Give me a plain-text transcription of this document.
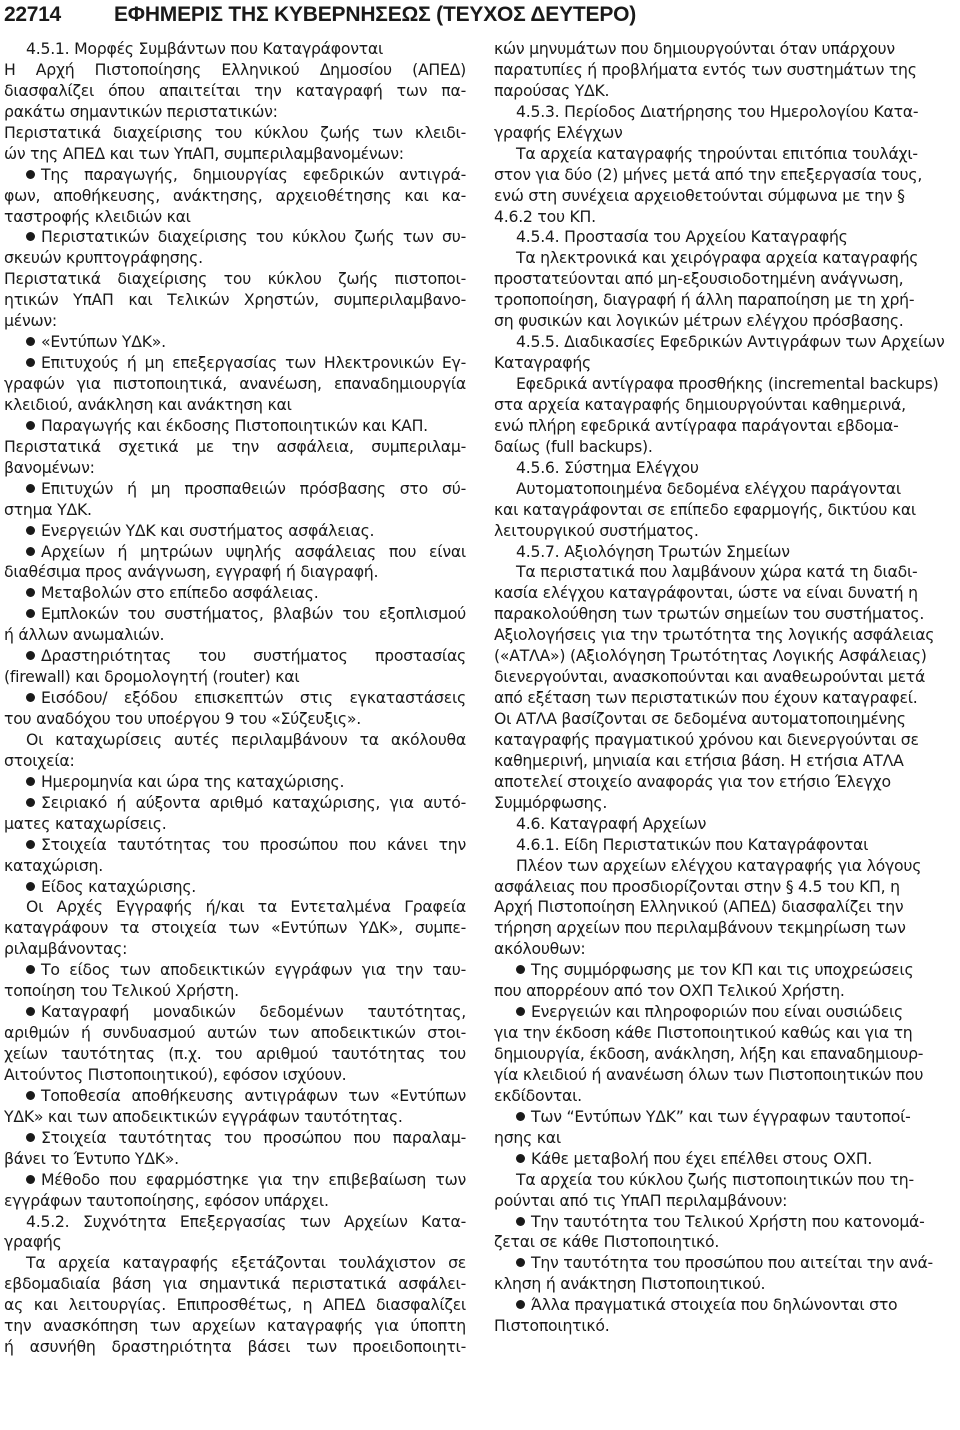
22714	ΕΦΗΜΕΡΙΣ ΤΗΣ ΚΥΒΕΡΝΗΣΕΩΣ (ΤΕΥΧΟΣ ΔΕΥΤΕΡΟ)
4.5.1. Μορφές Συμβάντων που Καταγράφονται
Η Αρχή Πιστοποίησης Ελληνικού Δημοσίου (ΑΠΕΔ)
διασφαλίζει όπου απαιτείται την καταγραφή των πα-
ρακάτω σημαντικών περιστατικών:
Περιστατικά διαχείρισης του κύκλου ζωής των κλειδι-
ών της ΑΠΕΔ και των ΥπΑΠ, συμπεριλαμβανομένων:
Της παραγωγής, δημιουργίας εφεδρικών αντιγρά-
φων, αποθήκευσης, ανάκτησης, αρχειοθέτησης και κα-
ταστροφής κλειδιών και
Περιστατικών διαχείρισης του κύκλου ζωής των συ-
σκευών κρυπτογράφησης.
Περιστατικά διαχείρισης του κύκλου ζωής πιστοποι-
ητικών ΥπΑΠ και Τελικών Χρηστών, συμπεριλαμβανο-
μένων:
«Εντύπων ΥΔΚ».
Επιτυχούς ή μη επεξεργασίας των Ηλεκτρονικών Εγ-
γραφών για πιστοποιητικά, ανανέωση, επαναδημιουργία
κλειδιού, ανάκληση και ανάκτηση και
Παραγωγής και έκδοσης Πιστοποιητικών και ΚΑΠ.
Περιστατικά σχετικά με την ασφάλεια, συμπεριλαμ-
βανομένων:
Επιτυχών ή μη προσπαθειών πρόσβασης στο σύ-
στημα ΥΔΚ.
Ενεργειών ΥΔΚ και συστήματος ασφάλειας.
Αρχείων ή μητρώων υψηλής ασφάλειας που είναι
διαθέσιμα προς ανάγνωση, εγγραφή ή διαγραφή.
Μεταβολών στο επίπεδο ασφάλειας.
Εμπλοκών του συστήματος, βλαβών του εξοπλισμού
ή άλλων ανωμαλιών.
Δραστηριότητας του συστήματος προστασίας
(firewall) και δρομολογητή (router) και
Εισόδου/ εξόδου επισκεπτών στις εγκαταστάσεις
του αναδόχου του υποέργου 9 του «Σύζευξις».
Οι καταχωρίσεις αυτές περιλαμβάνουν τα ακόλουθα
στοιχεία:
Ημερομηνία και ώρα της καταχώρισης.
Σειριακό ή αύξοντα αριθμό καταχώρισης, για αυτό-
ματες καταχωρίσεις.
Στοιχεία ταυτότητας του προσώπου που κάνει την
καταχώριση.
Είδος καταχώρισης.
Οι Αρχές Εγγραφής ή/και τα Εντεταλμένα Γραφεία
καταγράφουν τα στοιχεία των «Εντύπων ΥΔΚ», συμπε-
ριλαμβάνοντας:
Το είδος των αποδεικτικών εγγράφων για την ταυ-
τοποίηση του Τελικού Χρήστη.
Καταγραφή μοναδικών δεδομένων ταυτότητας,
αριθμών ή συνδυασμού αυτών των αποδεικτικών στοι-
χείων ταυτότητας (π.χ. του αριθμού ταυτότητας του
Αιτούντος Πιστοποιητικού), εφόσον ισχύουν.
Τοποθεσία αποθήκευσης αντιγράφων των «Εντύπων
ΥΔΚ» και των αποδεικτικών εγγράφων ταυτότητας.
Στοιχεία ταυτότητας του προσώπου που παραλαμ-
βάνει το Έντυπο ΥΔΚ».
Μέθοδο που εφαρμόστηκε για την επιβεβαίωση των
εγγράφων ταυτοποίησης, εφόσον υπάρχει.
4.5.2. Συχνότητα Επεξεργασίας των Αρχείων Κατα-
γραφής
Τα αρχεία καταγραφής εξετάζονται τουλάχιστον σε
εβδομαδιαία βάση για σημαντικά περιστατικά ασφάλει-
ας και λειτουργίας. Επιπροσθέτως, η ΑΠΕΔ διασφαλίζει
την ανασκόπηση των αρχείων καταγραφής για ύποπτη
ή ασυνήθη δραστηριότητα βάσει των προειδοποιητι-
κών μηνυμάτων που δημιουργούνται όταν υπάρχουν
παρατυπίες ή προβλήματα εντός των συστημάτων της
παρούσας ΥΔΚ.
4.5.3. Περίοδος Διατήρησης του Ημερολογίου Κατα-
γραφής Ελέγχων
Τα αρχεία καταγραφής τηρούνται επιτόπια τουλάχι-
στον για δύο (2) μήνες μετά από την επεξεργασία τους,
ενώ στη συνέχεια αρχειοθετούνται σύμφωνα με την §
4.6.2 του ΚΠ.
4.5.4. Προστασία του Αρχείου Καταγραφής
Τα ηλεκτρονικά και χειρόγραφα αρχεία καταγραφής
προστατεύονται από μη-εξουσιοδοτημένη ανάγνωση,
τροποποίηση, διαγραφή ή άλλη παραποίηση με τη χρή-
ση φυσικών και λογικών μέτρων ελέγχου πρόσβασης.
4.5.5. Διαδικασίες Εφεδρικών Αντιγράφων των Αρχείων
Καταγραφής
Εφεδρικά αντίγραφα προσθήκης (incremental backups)
στα αρχεία καταγραφής δημιουργούνται καθημερινά,
ενώ πλήρη εφεδρικά αντίγραφα παράγονται εβδομα-
δαίως (full backups).
4.5.6. Σύστημα Ελέγχου
Αυτοματοποιημένα δεδομένα ελέγχου παράγονται
και καταγράφονται σε επίπεδο εφαρμογής, δικτύου και
λειτουργικού συστήματος.
4.5.7. Αξιολόγηση Τρωτών Σημείων
Τα περιστατικά που λαμβάνουν χώρα κατά τη διαδι-
κασία ελέγχου καταγράφονται, ώστε να είναι δυνατή η
παρακολούθηση των τρωτών σημείων του συστήματος.
Αξιολογήσεις για την τρωτότητα της λογικής ασφάλειας
(«ΑΤΛΑ») (Αξιολόγηση Τρωτότητας Λογικής Ασφάλειας)
διενεργούνται, ανασκοπούνται και αναθεωρούνται μετά
από εξέταση των περιστατικών που έχουν καταγραφεί.
Οι ΑΤΛΑ βασίζονται σε δεδομένα αυτοματοποιημένης
καταγραφής πραγματικού χρόνου και διενεργούνται σε
καθημερινή, μηνιαία και ετήσια βάση. Η ετήσια ΑΤΛΑ
αποτελεί στοιχείο αναφοράς για τον ετήσιο Έλεγχο
Συμμόρφωσης.
4.6. Καταγραφή Αρχείων
4.6.1. Είδη Περιστατικών που Καταγράφονται
Πλέον των αρχείων ελέγχου καταγραφής για λόγους
ασφάλειας που προσδιορίζονται στην § 4.5 του ΚΠ, η
Αρχή Πιστοποίηση Ελληνικού (ΑΠΕΔ) διασφαλίζει την
τήρηση αρχείων που περιλαμβάνουν τεκμηρίωση των
ακόλουθων:
Της συμμόρφωσης με τον ΚΠ και τις υποχρεώσεις
που απορρέουν από τον ΟΧΠ Τελικού Χρήστη.
Ενεργειών και πληροφοριών που είναι ουσιώδεις
για την έκδοση κάθε Πιστοποιητικού καθώς και για τη
δημιουργία, έκδοση, ανάκληση, λήξη και επαναδημιουρ-
γία κλειδιού ή ανανέωση όλων των Πιστοποιητικών που
εκδίδονται.
Των “Εντύπων ΥΔΚ” και των έγγραφων ταυτοποί-
ησης και
Κάθε μεταβολή που έχει επέλθει στους ΟΧΠ.
Τα αρχεία του κύκλου ζωής πιστοποιητικών που τη-
ρούνται από τις ΥπΑΠ περιλαμβάνουν:
Την ταυτότητα του Τελικού Χρήστη που κατονομά-
ζεται σε κάθε Πιστοποιητικό.
Την ταυτότητα του προσώπου που αιτείται την ανά-
κληση ή ανάκτηση Πιστοποιητικού.
Άλλα πραγματικά στοιχεία που δηλώνονται στο
Πιστοποιητικό.
